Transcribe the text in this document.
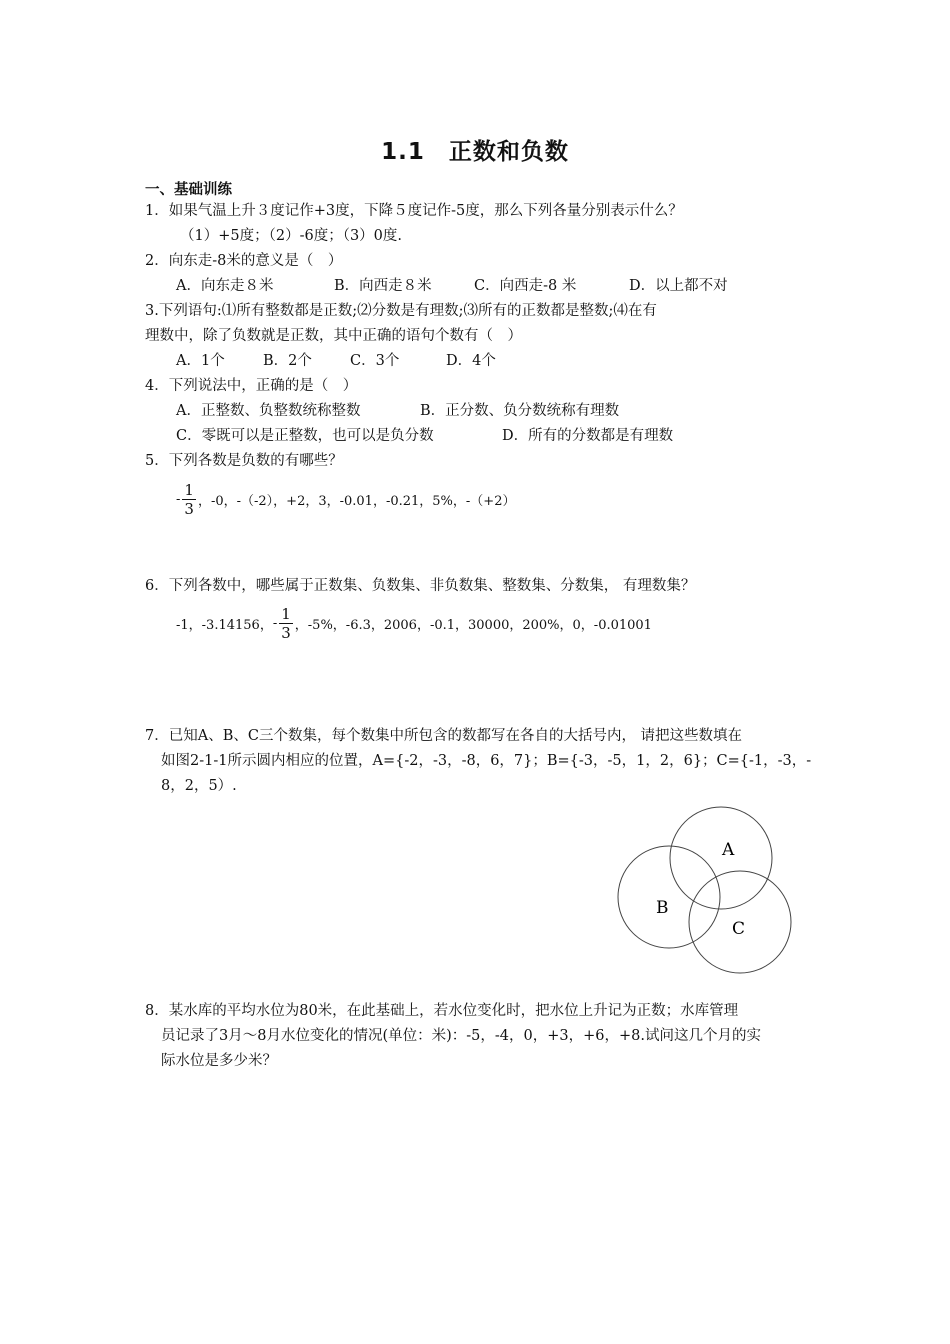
1.1　正数和负数
一、基础训练
1．如果气温上升３度记作+3度，下降５度记作-5度，那么下列各量分别表示什么？
（1）+5度；（2）-6度；（3）0度.
2．向东走-8米的意义是（　）
A．向东走８米	B．向西走８米	C．向西走-8 米	D．以上都不对
3.下列语句:⑴所有整数都是正数;⑵分数是有理数;⑶所有的正数都是整数;⑷在有
理数中，除了负数就是正数，其中正确的语句个数有（　）
A．1个	B．2个	C．3个	D．4个
4．下列说法中，正确的是（　）
A．正整数、负整数统称整数	B．正分数、负分数统称有理数
C．零既可以是正整数，也可以是负分数	D．所有的分数都是有理数
5．下列各数是负数的有哪些？
- $\frac{1}{3}$ ，-0，-（-2），+2，3，-0.01，-0.21，5%，-（+2）
6．下列各数中，哪些属于正数集、负数集、非负数集、整数集、分数集， 有理数集？
-1，-3.14156， - $\frac{1}{3}$ ，-5%，-6.3，2006，-0.1，30000，200%，0，-0.01001
7．已知A、B、C三个数集，每个数集中所包含的数都写在各自的大括号内， 请把这些数填在
如图2-1-1所示圆内相应的位置，A={-2，-3，-8，6，7}；B={-3，-5，1，2，6}；C={-1，-3，-
8，2，5）.
A
B
C
8．某水库的平均水位为80米，在此基础上，若水位变化时，把水位上升记为正数；水库管理
员记录了3月～8月水位变化的情况(单位：米)：-5，-4，0，+3，+6，+8.试问这几个月的实
际水位是多少米？
